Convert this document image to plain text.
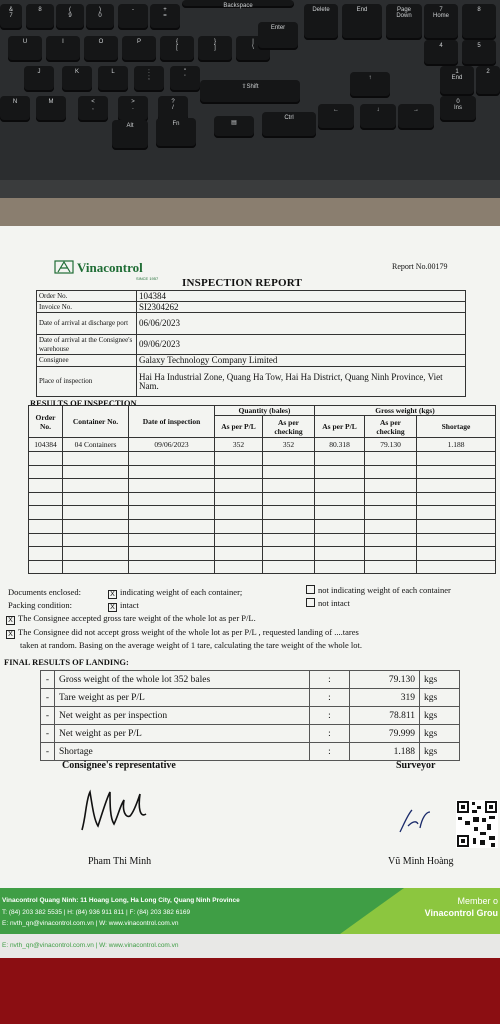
&
7
8	(
9
)
0
-	+
=
Backspace
Delete	End	Page
Down
7
Home
8
U	I	O	P	{
[
}
]
|
\
Enter
4	5
J	K	L	:
;
"
'
1
End
2
N	M	<
,
>
.
?
/
⇧Shift
↑
0
Ins
Alt	Fn	▤
Ctrl
←	↓	→
Vinacontrol
SINCE 1957
Report No.00179
INSPECTION REPORT
Order No.	104384
Invoice No.	SI2304262
Date of arrival at discharge port	06/06/2023
Date of arrival at the Consignee's warehouse	09/06/2023
Consignee	Galaxy Technology Company Limited
Place of inspection	Hai Ha Industrial Zone, Quang Ha Tow, Hai Ha District, Quang Ninh Province, Viet Nam.
RESULTS OF INSPECTION
Order No.	Container No.	Date of inspection	Quantity (bales)		Gross weight (kgs)		
			As per P/L	As per checking	As per P/L	As per checking	Shortage
104384	04 Containers	09/06/2023	352	352	80.318	79.130	1.188

Documents enclosed:	X indicating weight of each container;	not indicating weight of each container
Packing condition:	X intact	not intact
X The Consignee accepted gross tare weight of the whole lot as per P/L.
X The Consignee did not accept gross weight of the whole lot as per P/L , requested landing of ....tares
taken at random. Basing on the average weight of 1 tare, calculating the tare weight of the whole lot.
FINAL RESULTS OF LANDING:
-	Gross weight of the whole lot 352 bales	:	79.130	kgs
-	Tare weight as per P/L	:	319	kgs
-	Net weight as per inspection	:	78.811	kgs
-	Net weight as per P/L	:	79.999	kgs
-	Shortage	:	1.188	kgs
Consignee's representative	Surveyor
Pham Thi Minh	Vũ Minh Hoàng
Vinacontrol Quang Ninh: 11 Hoang Long, Ha Long City, Quang Ninh Province
T: (84) 203 382 5535 | H: (84) 936 911 811 | F: (84) 203 382 6169
E: nvth_qn@vinacontrol.com.vn | W: www.vinacontrol.com.vn
Member o
Vinacontrol Grou
E: nvth_qn@vinacontrol.com.vn | W: www.vinacontrol.com.vn
